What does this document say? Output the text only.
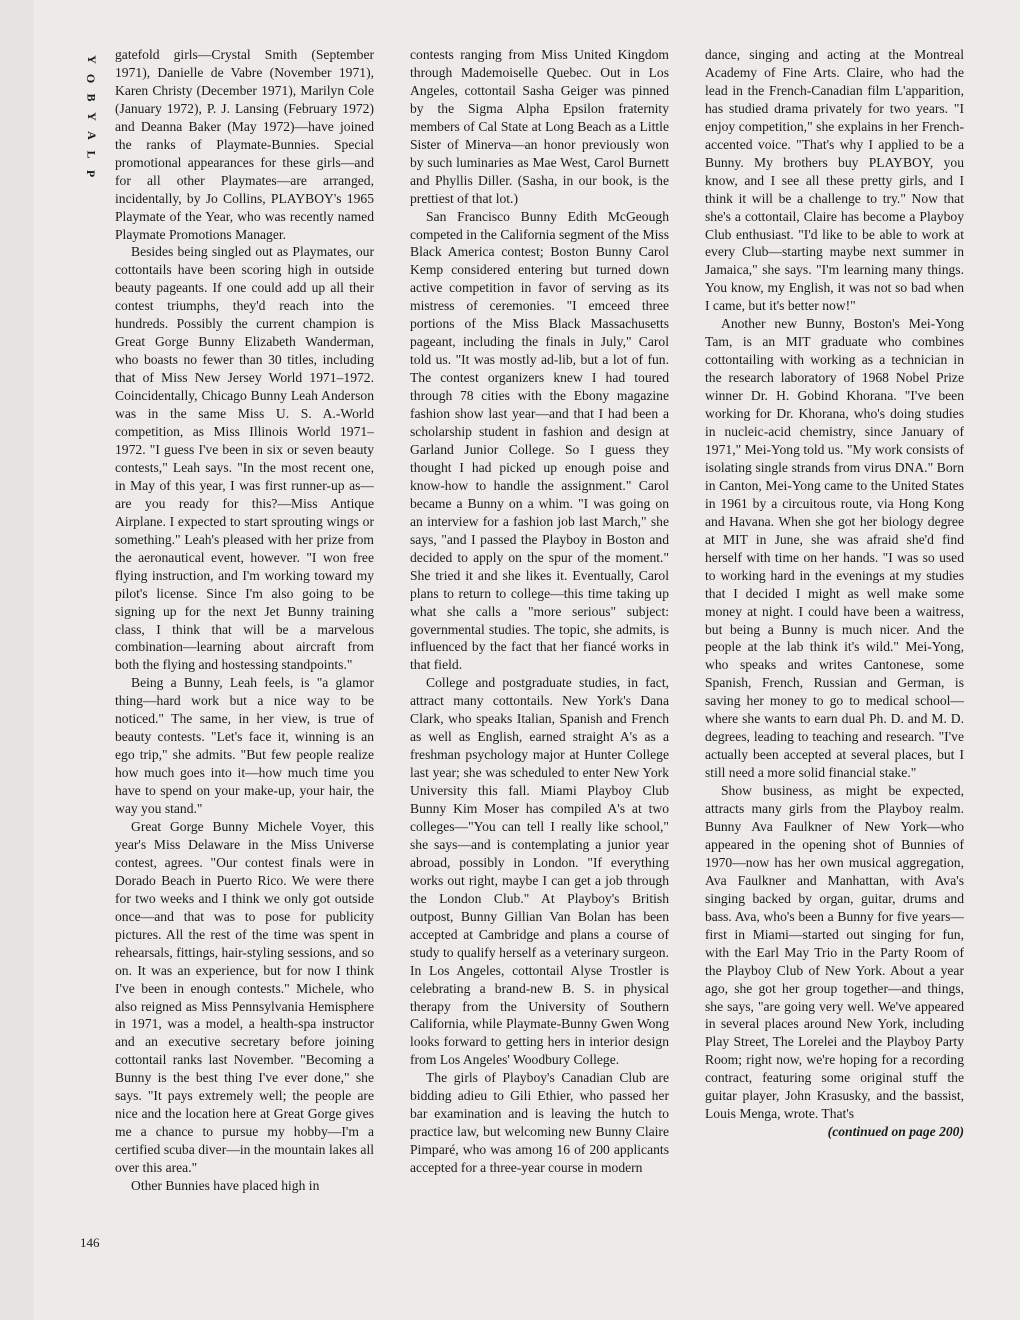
Y
O
B
Y
A
L
P

gatefold girls—Crystal Smith (September 1971), Danielle de Vabre (November 1971), Karen Christy (December 1971), Marilyn Cole (January 1972), P. J. Lansing (February 1972) and Deanna Baker (May 1972)—have joined the ranks of Playmate-Bunnies. Special promotional appearances for these girls—and for all other Playmates—are arranged, incidentally, by Jo Collins, PLAYBOY's 1965 Playmate of the Year, who was recently named Playmate Promotions Manager.

Besides being singled out as Playmates, our cottontails have been scoring high in outside beauty pageants. If one could add up all their contest triumphs, they'd reach into the hundreds. Possibly the current champion is Great Gorge Bunny Elizabeth Wanderman, who boasts no fewer than 30 titles, including that of Miss New Jersey World 1971–1972. Coincidentally, Chicago Bunny Leah Anderson was in the same Miss U. S. A.-World competition, as Miss Illinois World 1971–1972. "I guess I've been in six or seven beauty contests," Leah says. "In the most recent one, in May of this year, I was first runner-up as—are you ready for this?—Miss Antique Airplane. I expected to start sprouting wings or something." Leah's pleased with her prize from the aeronautical event, however. "I won free flying instruction, and I'm working toward my pilot's license. Since I'm also going to be signing up for the next Jet Bunny training class, I think that will be a marvelous combination—learning about aircraft from both the flying and hostessing standpoints."

Being a Bunny, Leah feels, is "a glamor thing—hard work but a nice way to be noticed." The same, in her view, is true of beauty contests. "Let's face it, winning is an ego trip," she admits. "But few people realize how much goes into it—how much time you have to spend on your make-up, your hair, the way you stand."

Great Gorge Bunny Michele Voyer, this year's Miss Delaware in the Miss Universe contest, agrees. "Our contest finals were in Dorado Beach in Puerto Rico. We were there for two weeks and I think we only got outside once—and that was to pose for publicity pictures. All the rest of the time was spent in rehearsals, fittings, hair-styling sessions, and so on. It was an experience, but for now I think I've been in enough contests." Michele, who also reigned as Miss Pennsylvania Hemisphere in 1971, was a model, a health-spa instructor and an executive secretary before joining cottontail ranks last November. "Becoming a Bunny is the best thing I've ever done," she says. "It pays extremely well; the people are nice and the location here at Great Gorge gives me a chance to pursue my hobby—I'm a certified scuba diver—in the mountain lakes all over this area."

Other Bunnies have placed high in

contests ranging from Miss United Kingdom through Mademoiselle Quebec. Out in Los Angeles, cottontail Sasha Geiger was pinned by the Sigma Alpha Epsilon fraternity members of Cal State at Long Beach as a Little Sister of Minerva—an honor previously won by such luminaries as Mae West, Carol Burnett and Phyllis Diller. (Sasha, in our book, is the prettiest of that lot.)

San Francisco Bunny Edith McGeough competed in the California segment of the Miss Black America contest; Boston Bunny Carol Kemp considered entering but turned down active competition in favor of serving as its mistress of ceremonies. "I emceed three portions of the Miss Black Massachusetts pageant, including the finals in July," Carol told us. "It was mostly ad-lib, but a lot of fun. The contest organizers knew I had toured through 78 cities with the Ebony magazine fashion show last year—and that I had been a scholarship student in fashion and design at Garland Junior College. So I guess they thought I had picked up enough poise and know-how to handle the assignment." Carol became a Bunny on a whim. "I was going on an interview for a fashion job last March," she says, "and I passed the Playboy in Boston and decided to apply on the spur of the moment." She tried it and she likes it. Eventually, Carol plans to return to college—this time taking up what she calls a "more serious" subject: governmental studies. The topic, she admits, is influenced by the fact that her fiancé works in that field.

College and postgraduate studies, in fact, attract many cottontails. New York's Dana Clark, who speaks Italian, Spanish and French as well as English, earned straight A's as a freshman psychology major at Hunter College last year; she was scheduled to enter New York University this fall. Miami Playboy Club Bunny Kim Moser has compiled A's at two colleges—"You can tell I really like school," she says—and is contemplating a junior year abroad, possibly in London. "If everything works out right, maybe I can get a job through the London Club." At Playboy's British outpost, Bunny Gillian Van Bolan has been accepted at Cambridge and plans a course of study to qualify herself as a veterinary surgeon. In Los Angeles, cottontail Alyse Trostler is celebrating a brand-new B. S. in physical therapy from the University of Southern California, while Playmate-Bunny Gwen Wong looks forward to getting hers in interior design from Los Angeles' Woodbury College.

The girls of Playboy's Canadian Club are bidding adieu to Gili Ethier, who passed her bar examination and is leaving the hutch to practice law, but welcoming new Bunny Claire Pimparé, who was among 16 of 200 applicants accepted for a three-year course in modern

dance, singing and acting at the Montreal Academy of Fine Arts. Claire, who had the lead in the French-Canadian film L'apparition, has studied drama privately for two years. "I enjoy competition," she explains in her French-accented voice. "That's why I applied to be a Bunny. My brothers buy PLAYBOY, you know, and I see all these pretty girls, and I think it will be a challenge to try." Now that she's a cottontail, Claire has become a Playboy Club enthusiast. "I'd like to be able to work at every Club—starting maybe next summer in Jamaica," she says. "I'm learning many things. You know, my English, it was not so bad when I came, but it's better now!"

Another new Bunny, Boston's Mei-Yong Tam, is an MIT graduate who combines cottontailing with working as a technician in the research laboratory of 1968 Nobel Prize winner Dr. H. Gobind Khorana. "I've been working for Dr. Khorana, who's doing studies in nucleic-acid chemistry, since January of 1971," Mei-Yong told us. "My work consists of isolating single strands from virus DNA." Born in Canton, Mei-Yong came to the United States in 1961 by a circuitous route, via Hong Kong and Havana. When she got her biology degree at MIT in June, she was afraid she'd find herself with time on her hands. "I was so used to working hard in the evenings at my studies that I decided I might as well make some money at night. I could have been a waitress, but being a Bunny is much nicer. And the people at the lab think it's wild." Mei-Yong, who speaks and writes Cantonese, some Spanish, French, Russian and German, is saving her money to go to medical school—where she wants to earn dual Ph. D. and M. D. degrees, leading to teaching and research. "I've actually been accepted at several places, but I still need a more solid financial stake."

Show business, as might be expected, attracts many girls from the Playboy realm. Bunny Ava Faulkner of New York—who appeared in the opening shot of Bunnies of 1970—now has her own musical aggregation, Ava Faulkner and Manhattan, with Ava's singing backed by organ, guitar, drums and bass. Ava, who's been a Bunny for five years—first in Miami—started out singing for fun, with the Earl May Trio in the Party Room of the Playboy Club of New York. About a year ago, she got her group together—and things, she says, "are going very well. We've appeared in several places around New York, including Play Street, The Lorelei and the Playboy Party Room; right now, we're hoping for a recording contract, featuring some original stuff the guitar player, John Krasusky, and the bassist, Louis Menga, wrote. That's

(continued on page 200)

146
